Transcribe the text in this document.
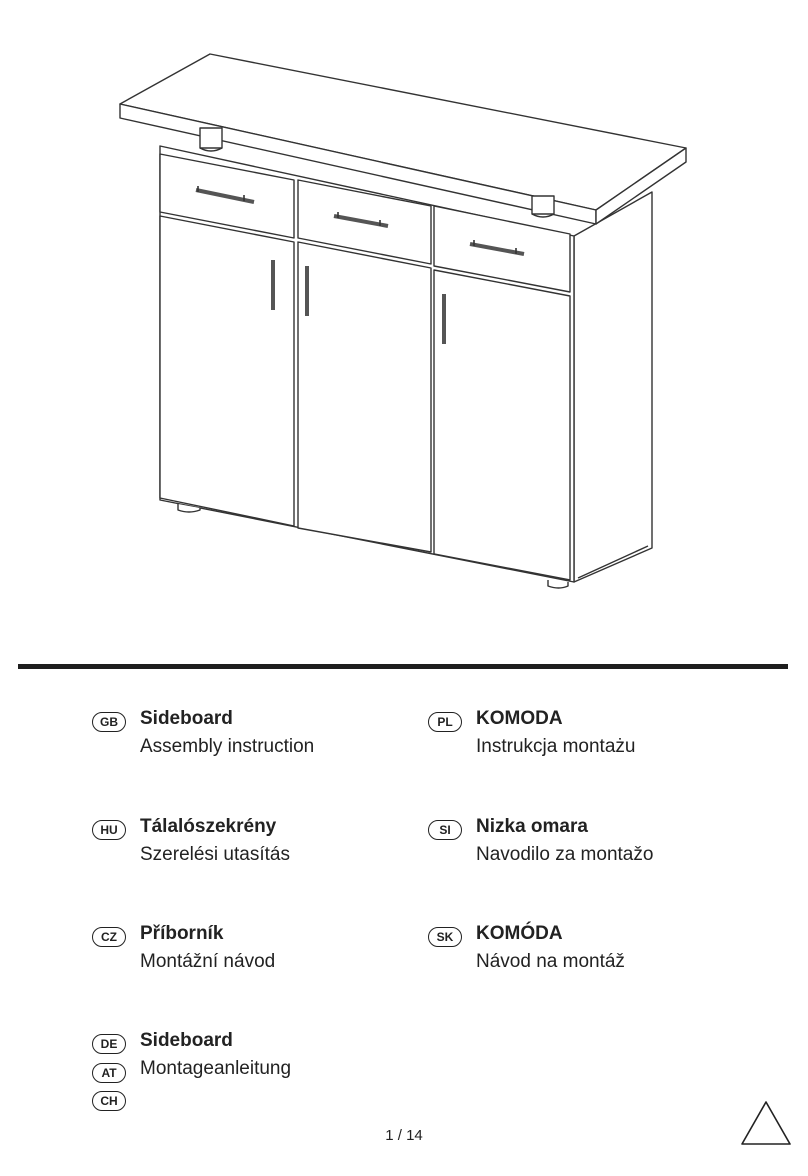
GB	Sideboard
Assembly instruction
PL	KOMODA
Instrukcja montażu
HU	Tálalószekrény
Szerelési utasítás
SI	Nizka omara
Navodilo za montažo
CZ	Příborník
Montážní návod
SK	KOMÓDA
Návod na montáž
DE	Sideboard
Montageanleitung
AT
CH
1 / 14
